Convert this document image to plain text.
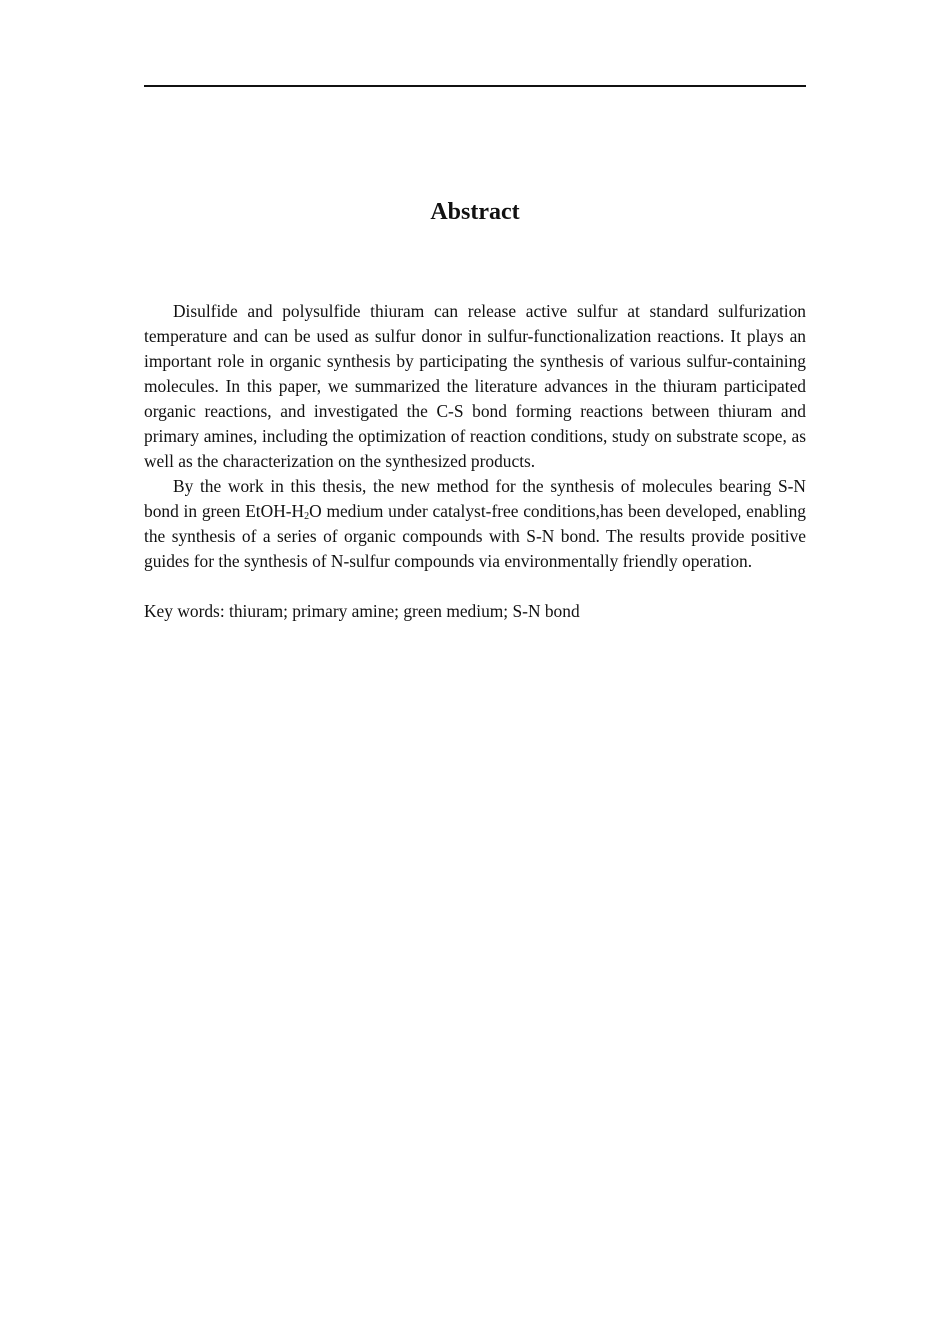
Abstract

Disulfide and polysulfide thiuram can release active sulfur at standard sulfurization temperature and can be used as sulfur donor in sulfur-functionalization reactions. It plays an important role in organic synthesis by participating the synthesis of various sulfur-containing molecules. In this paper, we summarized the literature advances in the thiuram participated organic reactions, and investigated the C-S bond forming reactions between thiuram and primary amines, including the optimization of reaction conditions, study on substrate scope, as well as the characterization on the synthesized products.

By the work in this thesis, the new method for the synthesis of molecules bearing S-N bond in green EtOH-$H_2O$ medium under catalyst-free conditions,has been developed, enabling the synthesis of a series of organic compounds with S-N bond. The results provide positive guides for the synthesis of N-sulfur compounds via environmentally friendly operation.

Key words: thiuram; primary amine; green medium; S-N bond
